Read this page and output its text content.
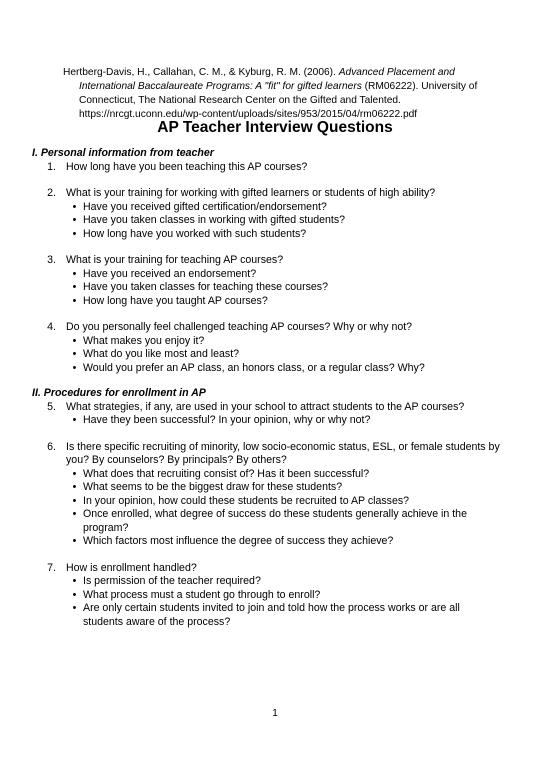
Hertberg-Davis, H., Callahan, C. M., & Kyburg, R. M. (2006). Advanced Placement and
International Baccalaureate Programs: A "fit" for gifted learners (RM06222). University of
Connecticut, The National Research Center on the Gifted and Talented.
https://nrcgt.uconn.edu/wp-content/uploads/sites/953/2015/04/rm06222.pdf
AP Teacher Interview Questions
I. Personal information from teacher
1. How long have you been teaching this AP courses?
2. What is your training for working with gifted learners or students of high ability?
• Have you received gifted certification/endorsement?
• Have you taken classes in working with gifted students?
• How long have you worked with such students?
3. What is your training for teaching AP courses?
• Have you received an endorsement?
• Have you taken classes for teaching these courses?
• How long have you taught AP courses?
4. Do you personally feel challenged teaching AP courses? Why or why not?
• What makes you enjoy it?
• What do you like most and least?
• Would you prefer an AP class, an honors class, or a regular class? Why?
II. Procedures for enrollment in AP
5. What strategies, if any, are used in your school to attract students to the AP courses?
• Have they been successful? In your opinion, why or why not?
6. Is there specific recruiting of minority, low socio-economic status, ESL, or female students by you? By counselors? By principals? By others?
• What does that recruiting consist of? Has it been successful?
• What seems to be the biggest draw for these students?
• In your opinion, how could these students be recruited to AP classes?
• Once enrolled, what degree of success do these students generally achieve in the program?
• Which factors most influence the degree of success they achieve?
7. How is enrollment handled?
• Is permission of the teacher required?
• What process must a student go through to enroll?
• Are only certain students invited to join and told how the process works or are all students aware of the process?
1
